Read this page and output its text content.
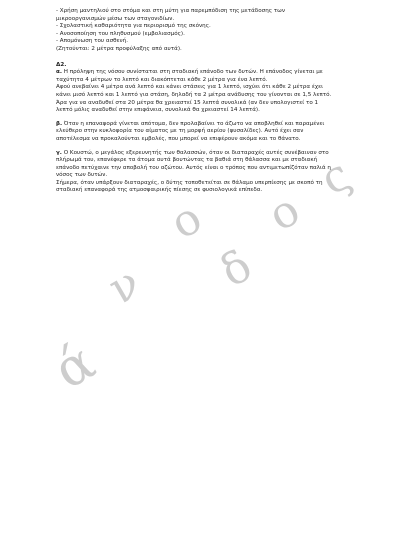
ά
ν
ο
δ
ο
ς

- Χρήση μαντηλιού στο στόμα και στη μύτη για παρεμπόδιση της μετάδοσης των

μικροοργανισμών μέσω των σταγονιδίων.

- Σχολαστική καθαριότητα για περιορισμό της σκόνης.

- Ανοσοποίηση του πληθυσμού (εμβολιασμός).

- Απομόνωση του ασθενή.

(Ζητούνται: 2 μέτρα προφύλαξης από αυτά).

Δ2.

α. Η πρόληψη της νόσου συνίσταται στη σταδιακή επάνοδο των δυτών. Η επάνοδος γίνεται με

ταχύτητα 4 μέτρων το λεπτό και διακόπτεται κάθε 2 μέτρα για ένα λεπτό.

Αφού ανεβαίνει 4 μέτρα ανά λεπτό και κάνει στάσεις για 1 λεπτό, ισχύει ότι κάθε 2 μέτρα έχει

κάνει μισό λεπτό και 1 λεπτό για στάση, δηλαδή τα 2 μέτρα ανάδυσης του γίνονται σε 1,5 λεπτό.

Άρα για να αναδυθεί στα 20 μέτρα θα χρειαστεί 15 λεπτά συνολικά (αν δεν υπολογιστεί το 1

λεπτό μόλις αναδυθεί στην επιφάνεια, συνολικά θα χρειαστεί 14 λεπτά).

β. Όταν η επαναφορά γίνεται απότομα, δεν προλαβαίνει το άζωτο να αποβληθεί και παραμένει

ελεύθερο στην κυκλοφορία του αίματος με τη μορφή αερίου (φυσαλίδες). Αυτό έχει σαν

αποτέλεσμα να προκαλούνται εμβολές, που μπορεί να επιφέρουν ακόμα και το θάνατο.

γ. Ο Κουστώ, ο μεγάλος εξερευνητής των θαλασσών, όταν οι διαταραχές αυτές συνέβαιναν στο

πλήρωμά του, επανέφερε τα άτομα αυτά βουτώντας τα βαθιά στη θάλασσα και με σταδιακή

επάνοδο πετύχαινε την αποβολή του αζώτου. Αυτός είναι ο τρόπος που αντιμετωπίζόταν παλιά η

νόσος των δυτών.

Σήμερα, όταν υπάρξουν διαταραχές, ο δύτης τοποθετείται σε θάλαμο υπερπίεσης με σκοπό τη

σταδιακή επαναφορά της ατμοσφαιρικής πίεσης σε φυσιολογικά επίπεδα.
